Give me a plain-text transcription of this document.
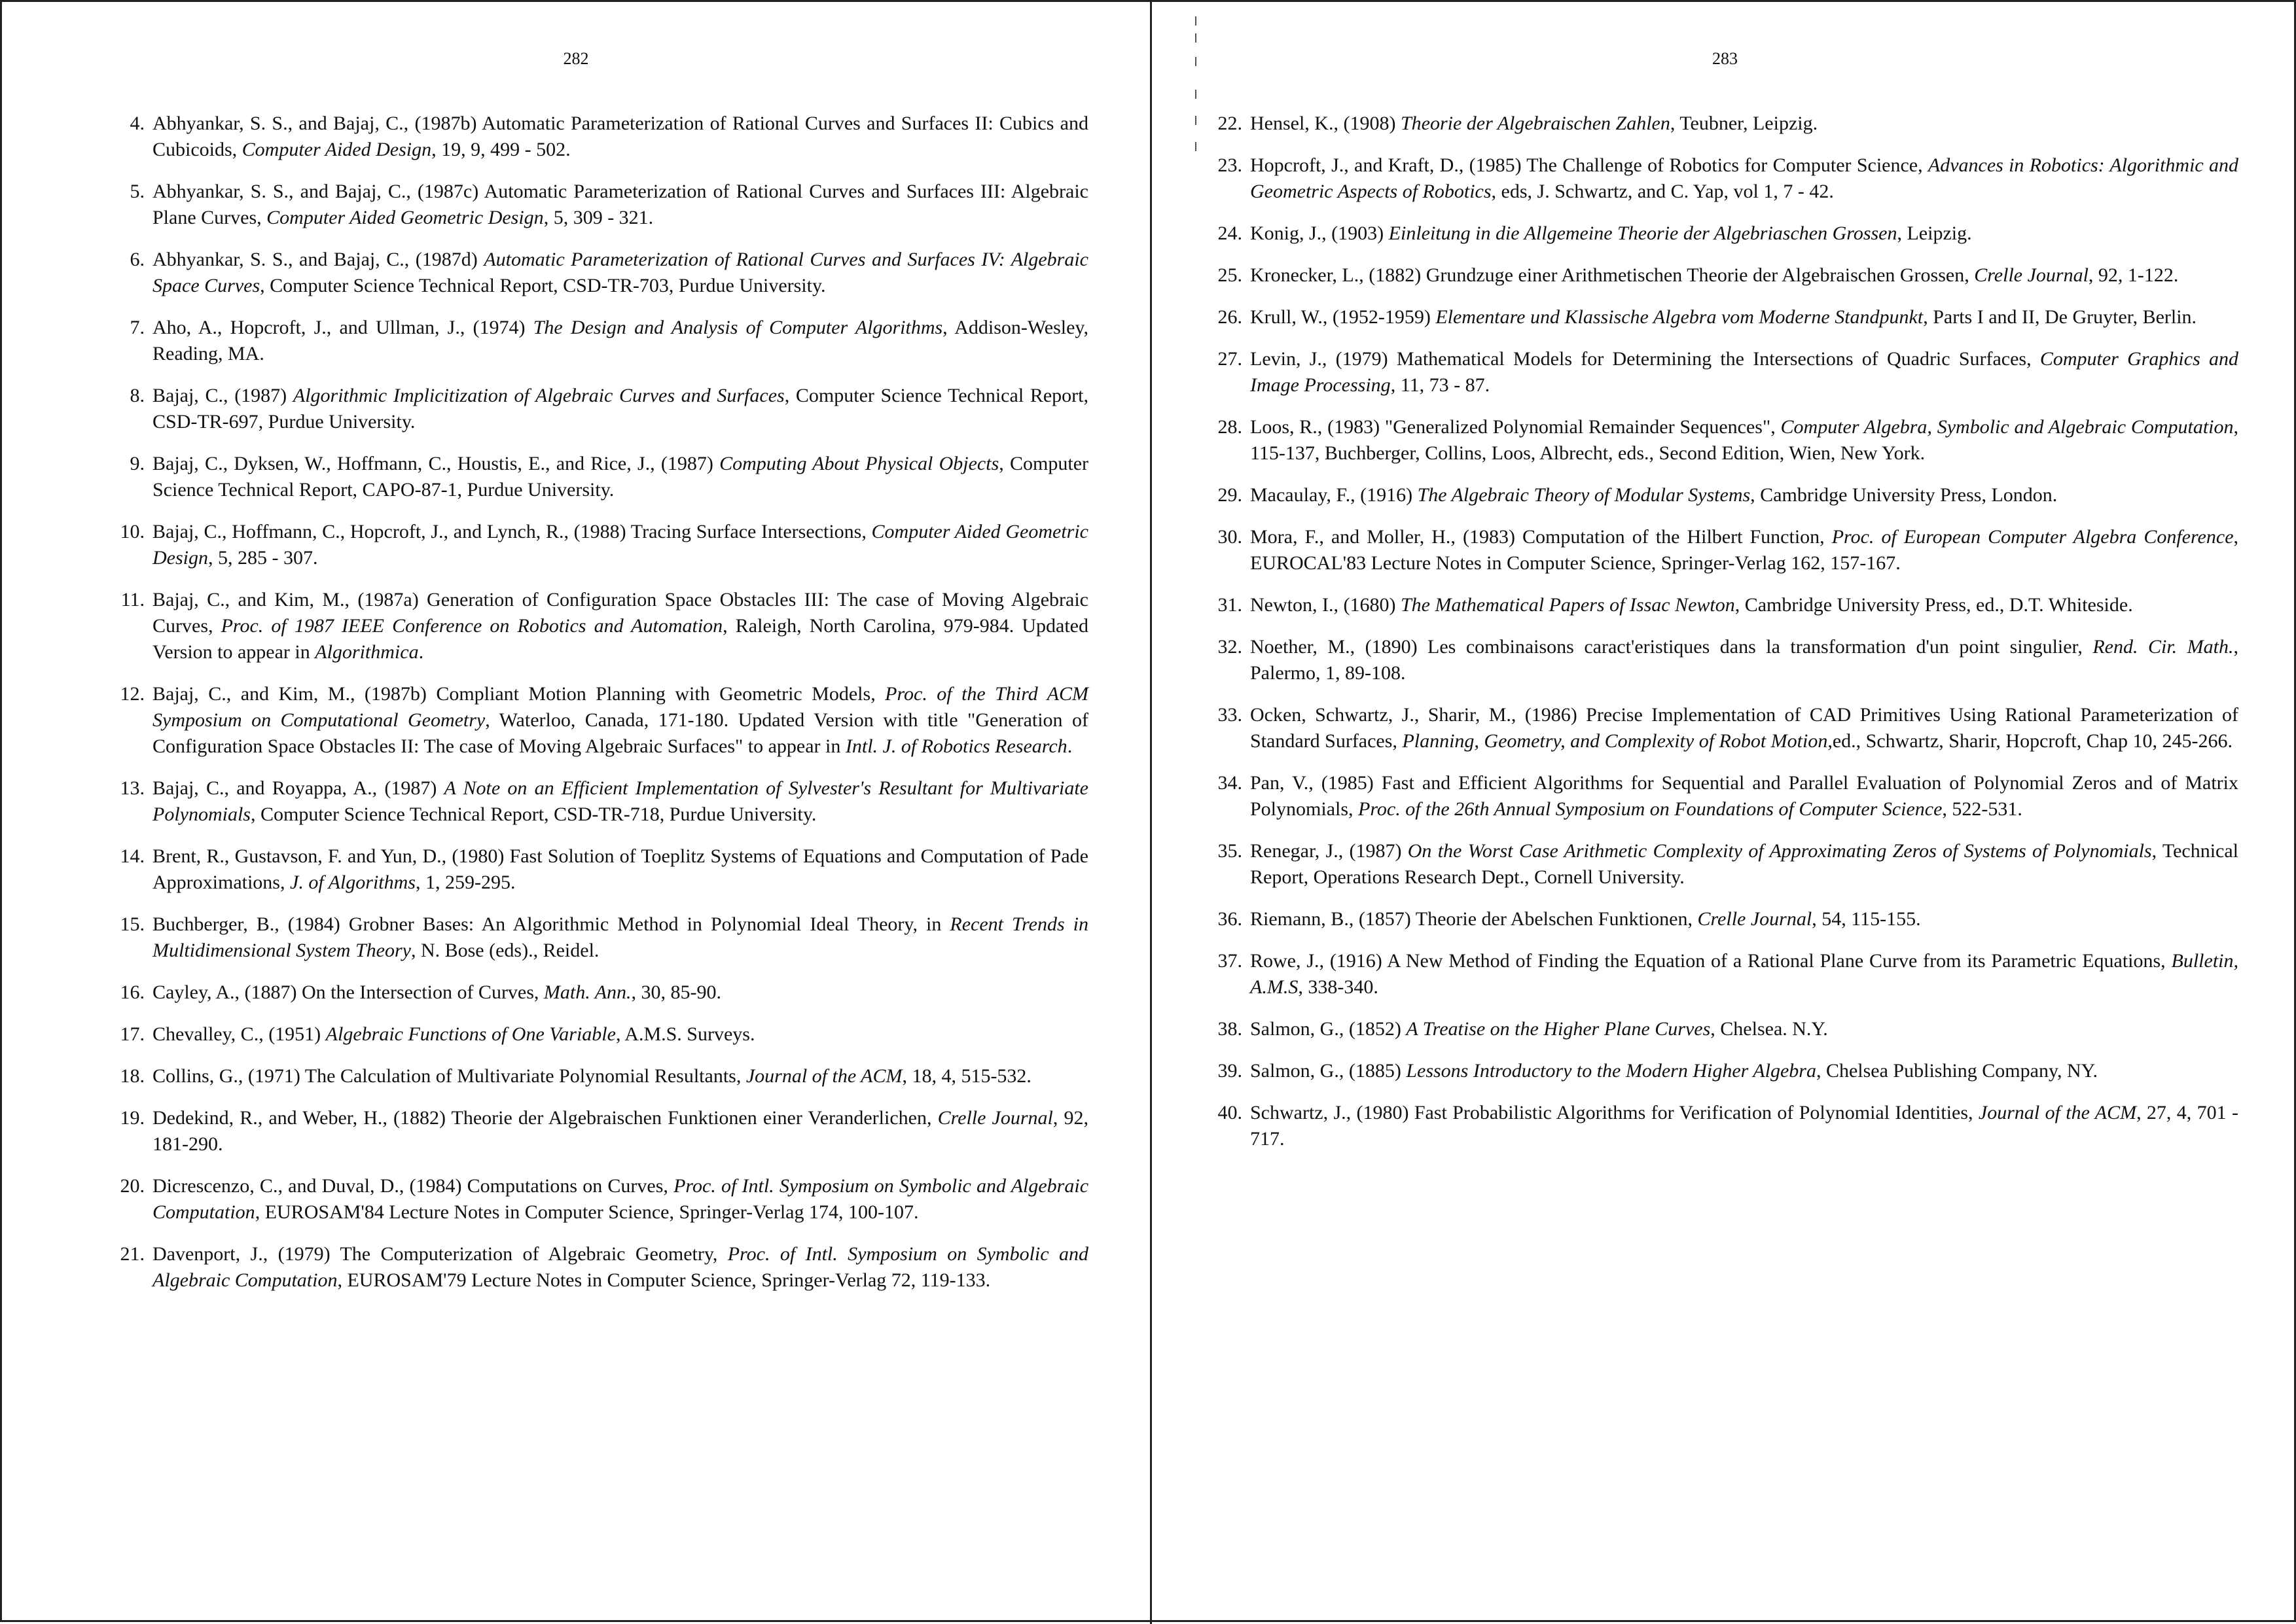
282
4. Abhyankar, S. S., and Bajaj, C., (1987b) Automatic Parameterization of Rational Curves and Surfaces II: Cubics and Cubicoids, Computer Aided Design, 19, 9, 499 - 502.
5. Abhyankar, S. S., and Bajaj, C., (1987c) Automatic Parameterization of Rational Curves and Surfaces III: Algebraic Plane Curves, Computer Aided Geometric Design, 5, 309 - 321.
6. Abhyankar, S. S., and Bajaj, C., (1987d) Automatic Parameterization of Rational Curves and Surfaces IV: Algebraic Space Curves, Computer Science Technical Report, CSD-TR-703, Purdue University.
7. Aho, A., Hopcroft, J., and Ullman, J., (1974) The Design and Analysis of Computer Algorithms, Addison-Wesley, Reading, MA.
8. Bajaj, C., (1987) Algorithmic Implicitization of Algebraic Curves and Surfaces, Computer Science Technical Report, CSD-TR-697, Purdue University.
9. Bajaj, C., Dyksen, W., Hoffmann, C., Houstis, E., and Rice, J., (1987) Computing About Physical Objects, Computer Science Technical Report, CAPO-87-1, Purdue University.
10. Bajaj, C., Hoffmann, C., Hopcroft, J., and Lynch, R., (1988) Tracing Surface Intersections, Computer Aided Geometric Design, 5, 285 - 307.
11. Bajaj, C., and Kim, M., (1987a) Generation of Configuration Space Obstacles III: The case of Moving Algebraic Curves, Proc. of 1987 IEEE Conference on Robotics and Automation, Raleigh, North Carolina, 979-984. Updated Version to appear in Algorithmica.
12. Bajaj, C., and Kim, M., (1987b) Compliant Motion Planning with Geometric Models, Proc. of the Third ACM Symposium on Computational Geometry, Waterloo, Canada, 171-180. Updated Version with title "Generation of Configuration Space Obstacles II: The case of Moving Algebraic Surfaces" to appear in Intl. J. of Robotics Research.
13. Bajaj, C., and Royappa, A., (1987) A Note on an Efficient Implementation of Sylvester's Resultant for Multivariate Polynomials, Computer Science Technical Report, CSD-TR-718, Purdue University.
14. Brent, R., Gustavson, F. and Yun, D., (1980) Fast Solution of Toeplitz Systems of Equations and Computation of Pade Approximations, J. of Algorithms, 1, 259-295.
15. Buchberger, B., (1984) Grobner Bases: An Algorithmic Method in Polynomial Ideal Theory, in Recent Trends in Multidimensional System Theory, N. Bose (eds)., Reidel.
16. Cayley, A., (1887) On the Intersection of Curves, Math. Ann., 30, 85-90.
17. Chevalley, C., (1951) Algebraic Functions of One Variable, A.M.S. Surveys.
18. Collins, G., (1971) The Calculation of Multivariate Polynomial Resultants, Journal of the ACM, 18, 4, 515-532.
19. Dedekind, R., and Weber, H., (1882) Theorie der Algebraischen Funktionen einer Veranderlichen, Crelle Journal, 92, 181-290.
20. Dicrescenzo, C., and Duval, D., (1984) Computations on Curves, Proc. of Intl. Symposium on Symbolic and Algebraic Computation, EUROSAM'84 Lecture Notes in Computer Science, Springer-Verlag 174, 100-107.
21. Davenport, J., (1979) The Computerization of Algebraic Geometry, Proc. of Intl. Symposium on Symbolic and Algebraic Computation, EUROSAM'79 Lecture Notes in Computer Science, Springer-Verlag 72, 119-133.
283
22. Hensel, K., (1908) Theorie der Algebraischen Zahlen, Teubner, Leipzig.
23. Hopcroft, J., and Kraft, D., (1985) The Challenge of Robotics for Computer Science, Advances in Robotics: Algorithmic and Geometric Aspects of Robotics, eds, J. Schwartz, and C. Yap, vol 1, 7 - 42.
24. Konig, J., (1903) Einleitung in die Allgemeine Theorie der Algebriaschen Grossen, Leipzig.
25. Kronecker, L., (1882) Grundzuge einer Arithmetischen Theorie der Algebraischen Grossen, Crelle Journal, 92, 1-122.
26. Krull, W., (1952-1959) Elementare und Klassische Algebra vom Moderne Standpunkt, Parts I and II, De Gruyter, Berlin.
27. Levin, J., (1979) Mathematical Models for Determining the Intersections of Quadric Surfaces, Computer Graphics and Image Processing, 11, 73 - 87.
28. Loos, R., (1983) "Generalized Polynomial Remainder Sequences", Computer Algebra, Symbolic and Algebraic Computation, 115-137, Buchberger, Collins, Loos, Albrecht, eds., Second Edition, Wien, New York.
29. Macaulay, F., (1916) The Algebraic Theory of Modular Systems, Cambridge University Press, London.
30. Mora, F., and Moller, H., (1983) Computation of the Hilbert Function, Proc. of European Computer Algebra Conference, EUROCAL'83 Lecture Notes in Computer Science, Springer-Verlag 162, 157-167.
31. Newton, I., (1680) The Mathematical Papers of Issac Newton, Cambridge University Press, ed., D.T. Whiteside.
32. Noether, M., (1890) Les combinaisons caract'eristiques dans la transformation d'un point singulier, Rend. Cir. Math., Palermo, 1, 89-108.
33. Ocken, Schwartz, J., Sharir, M., (1986) Precise Implementation of CAD Primitives Using Rational Parameterization of Standard Surfaces, Planning, Geometry, and Complexity of Robot Motion,ed., Schwartz, Sharir, Hopcroft, Chap 10, 245-266.
34. Pan, V., (1985) Fast and Efficient Algorithms for Sequential and Parallel Evaluation of Polynomial Zeros and of Matrix Polynomials, Proc. of the 26th Annual Symposium on Foundations of Computer Science, 522-531.
35. Renegar, J., (1987) On the Worst Case Arithmetic Complexity of Approximating Zeros of Systems of Polynomials, Technical Report, Operations Research Dept., Cornell University.
36. Riemann, B., (1857) Theorie der Abelschen Funktionen, Crelle Journal, 54, 115-155.
37. Rowe, J., (1916) A New Method of Finding the Equation of a Rational Plane Curve from its Parametric Equations, Bulletin, A.M.S, 338-340.
38. Salmon, G., (1852) A Treatise on the Higher Plane Curves, Chelsea. N.Y.
39. Salmon, G., (1885) Lessons Introductory to the Modern Higher Algebra, Chelsea Publishing Company, NY.
40. Schwartz, J., (1980) Fast Probabilistic Algorithms for Verification of Polynomial Identities, Journal of the ACM, 27, 4, 701 - 717.
